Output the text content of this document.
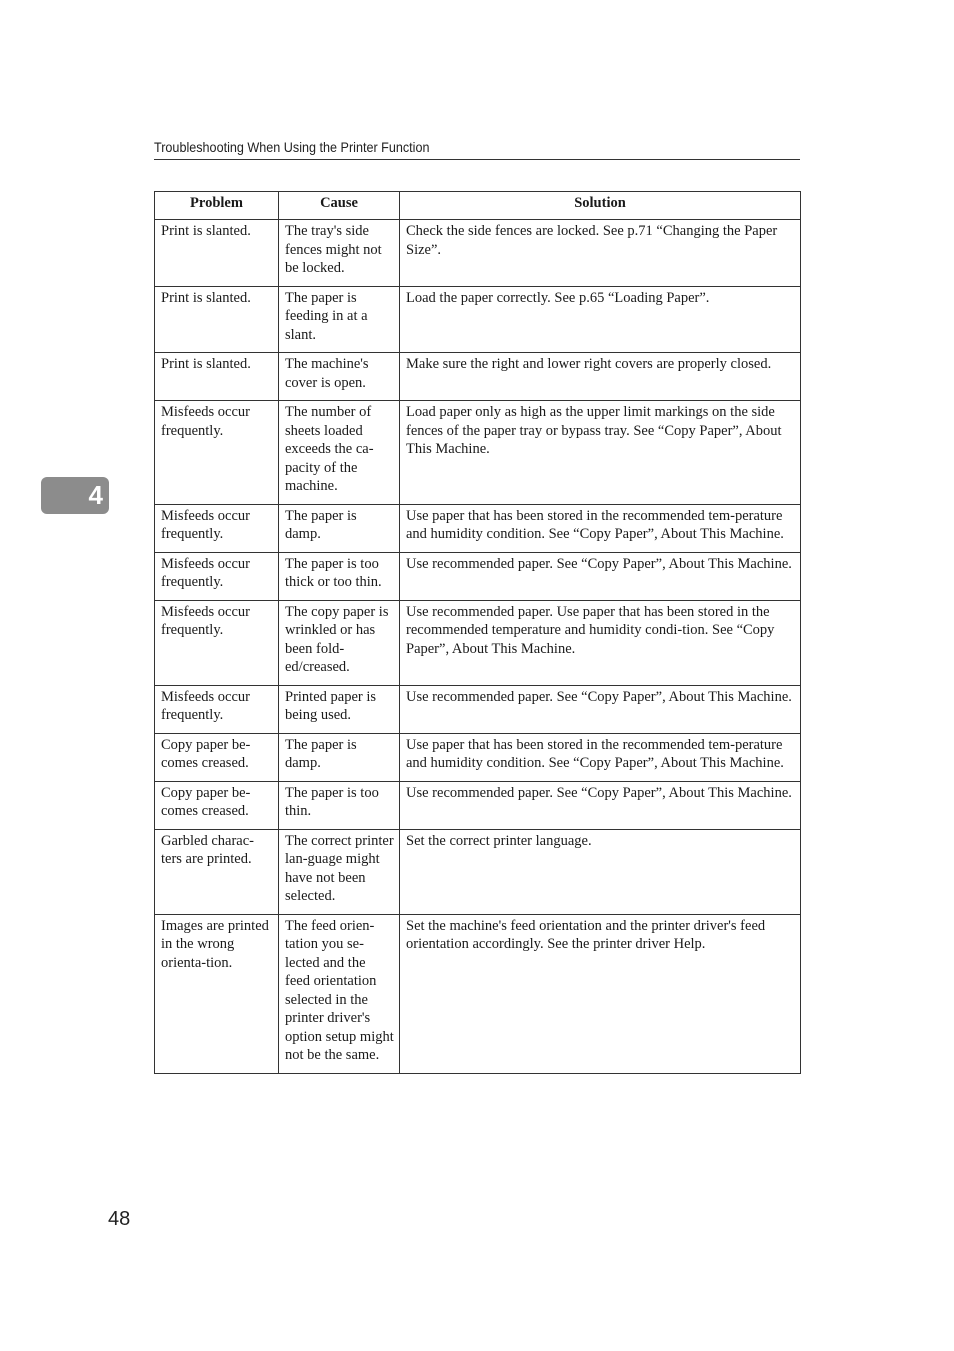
Troubleshooting When Using the Printer Function
4
Problem	Cause	Solution
Print is slanted.	The tray's side fences might not be locked.	Check the side fences are locked. See p.71 “Changing the Paper Size”.
Print is slanted.	The paper is feeding in at a slant.	Load the paper correctly. See p.65 “Loading Paper”.
Print is slanted.	The machine's cover is open.	Make sure the right and lower right covers are properly closed.
Misfeeds occur frequently.	The number of sheets loaded exceeds the ca-pacity of the machine.	Load paper only as high as the upper limit markings on the side fences of the paper tray or bypass tray. See “Copy Paper”, About This Machine.
Misfeeds occur frequently.	The paper is damp.	Use paper that has been stored in the recommended tem-perature and humidity condition. See “Copy Paper”, About This Machine.
Misfeeds occur frequently.	The paper is too thick or too thin.	Use recommended paper. See “Copy Paper”, About This Machine.
Misfeeds occur frequently.	The copy paper is wrinkled or has been fold-ed/creased.	Use recommended paper. Use paper that has been stored in the recommended temperature and humidity condi-tion. See “Copy Paper”, About This Machine.
Misfeeds occur frequently.	Printed paper is being used.	Use recommended paper. See “Copy Paper”, About This Machine.
Copy paper be-comes creased.	The paper is damp.	Use paper that has been stored in the recommended tem-perature and humidity condition. See “Copy Paper”, About This Machine.
Copy paper be-comes creased.	The paper is too thin.	Use recommended paper. See “Copy Paper”, About This Machine.
Garbled charac-ters are printed.	The correct printer lan-guage might have not been selected.	Set the correct printer language.
Images are printed in the wrong orienta-tion.	The feed orien-tation you se-lected and the feed orientation selected in the printer driver's option setup might not be the same.	Set the machine's feed orientation and the printer driver's feed orientation accordingly. See the printer driver Help.
48
